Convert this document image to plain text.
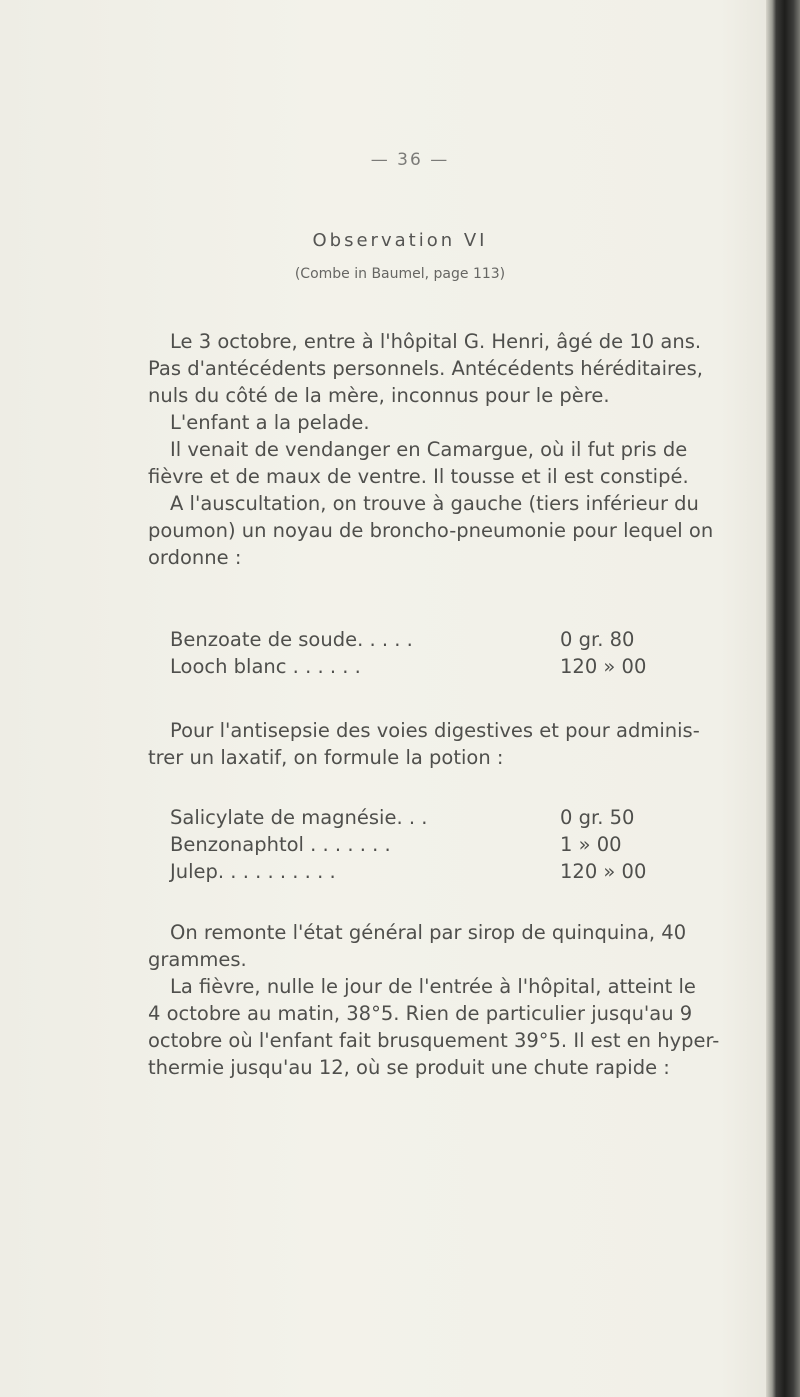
— 36 —
Observation VI
(Combe in Baumel, page 113)
Le 3 octobre, entre à l'hôpital G. Henri, âgé de 10 ans.
Pas d'antécédents personnels. Antécédents héréditaires,
nuls du côté de la mère, inconnus pour le père.
L'enfant a la pelade.
Il venait de vendanger en Camargue, où il fut pris de
fièvre et de maux de ventre. Il tousse et il est constipé.
A l'auscultation, on trouve à gauche (tiers inférieur du
poumon) un noyau de broncho-pneumonie pour lequel on
ordonne :
Benzoate de soude. . . . .	0 gr. 80
Looch blanc . . . . . .	120 » 00
Pour l'antisepsie des voies digestives et pour adminis-
trer un laxatif, on formule la potion :
Salicylate de magnésie. . .	0 gr. 50
Benzonaphtol . . . . . . .	1 » 00
Julep. . . . . . . . . .	120 » 00
On remonte l'état général par sirop de quinquina, 40
grammes.
La fièvre, nulle le jour de l'entrée à l'hôpital, atteint le
4 octobre au matin, 38°5. Rien de particulier jusqu'au 9
octobre où l'enfant fait brusquement 39°5. Il est en hyper-
thermie jusqu'au 12, où se produit une chute rapide :
